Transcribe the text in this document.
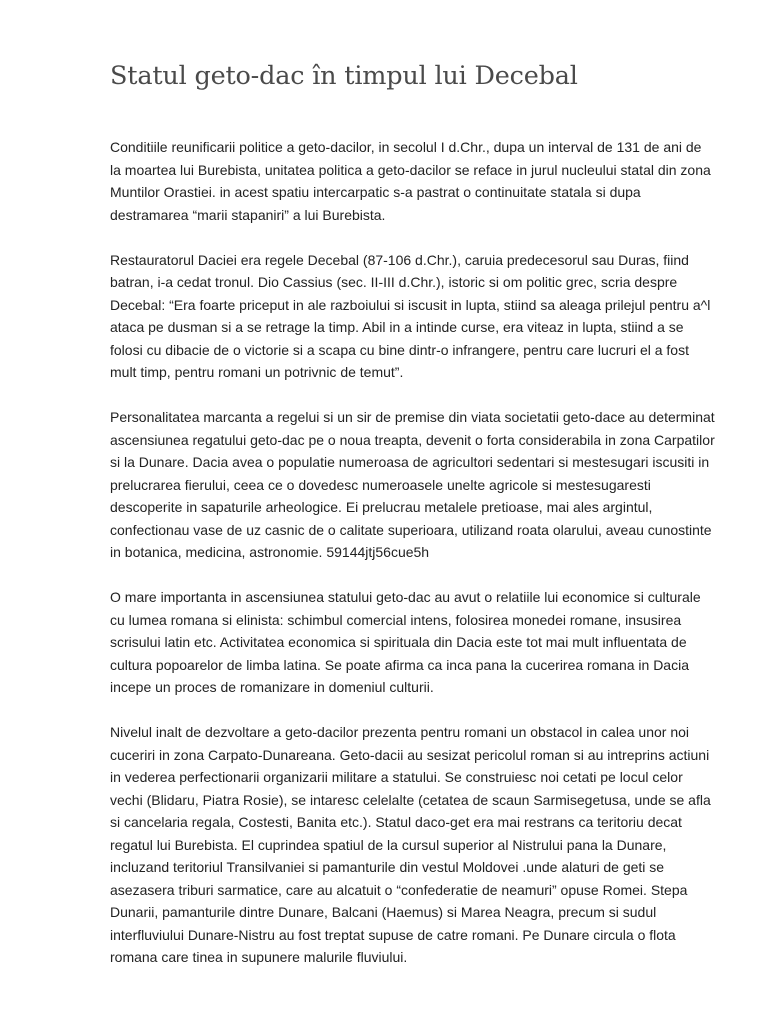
Statul geto-dac în timpul lui Decebal

Conditiile reunificarii politice a geto-dacilor, in secolul I d.Chr., dupa un interval de 131 de ani de la moartea lui Burebista, unitatea politica a geto-dacilor se reface in jurul nucleului statal din zona Muntilor Orastiei. in acest spatiu intercarpatic s-a pastrat o continuitate statala si dupa destramarea “marii stapaniri” a lui Burebista.

Restauratorul Daciei era regele Decebal (87-106 d.Chr.), caruia predecesorul sau Duras, fiind batran, i-a cedat tronul. Dio Cassius (sec. II-III d.Chr.), istoric si om politic grec, scria despre Decebal: “Era foarte priceput in ale razboiului si iscusit in lupta, stiind sa aleaga prilejul pentru a^l ataca pe dusman si a se retrage la timp. Abil in a intinde curse, era viteaz in lupta, stiind a se folosi cu dibacie de o victorie si a scapa cu bine dintr-o infrangere, pentru care lucruri el a fost mult timp, pentru romani un potrivnic de temut”.

Personalitatea marcanta a regelui si un sir de premise din viata societatii geto-dace au determinat ascensiunea regatului geto-dac pe o noua treapta, devenit o forta considerabila in zona Carpatilor si la Dunare. Dacia avea o populatie numeroasa de agricultori sedentari si mestesugari iscusiti in prelucrarea fierului, ceea ce o dovedesc numeroasele unelte agricole si mestesugaresti descoperite in sapaturile arheologice. Ei prelucrau metalele pretioase, mai ales argintul, confectionau vase de uz casnic de o calitate superioara, utilizand roata olarului, aveau cunostinte in botanica, medicina, astronomie. 59144jtj56cue5h

O mare importanta in ascensiunea statului geto-dac au avut o relatiile lui economice si culturale cu lumea romana si elinista: schimbul comercial intens, folosirea monedei romane, insusirea scrisului latin etc. Activitatea economica si spirituala din Dacia este tot mai mult influentata de cultura popoarelor de limba latina. Se poate afirma ca inca pana la cucerirea romana in Dacia incepe un proces de romanizare in domeniul culturii.

Nivelul inalt de dezvoltare a geto-dacilor prezenta pentru romani un obstacol in calea unor noi cuceriri in zona Carpato-Dunareana. Geto-dacii au sesizat pericolul roman si au intreprins actiuni in vederea perfectionarii organizarii militare a statului. Se construiesc noi cetati pe locul celor vechi (Blidaru, Piatra Rosie), se intaresc celelalte (cetatea de scaun Sarmisegetusa, unde se afla si cancelaria regala, Costesti, Banita etc.). Statul daco-get era mai restrans ca teritoriu decat regatul lui Burebista. El cuprindea spatiul de la cursul superior al Nistrului pana la Dunare, incluzand teritoriul Transilvaniei si pamanturile din vestul Moldovei .unde alaturi de geti se asezasera triburi sarmatice, care au alcatuit o “confederatie de neamuri” opuse Romei. Stepa Dunarii, pamanturile dintre Dunare, Balcani (Haemus) si Marea Neagra, precum si sudul interfluviului Dunare-Nistru au fost treptat supuse de catre romani. Pe Dunare circula o flota romana care tinea in supunere malurile fluviului.
